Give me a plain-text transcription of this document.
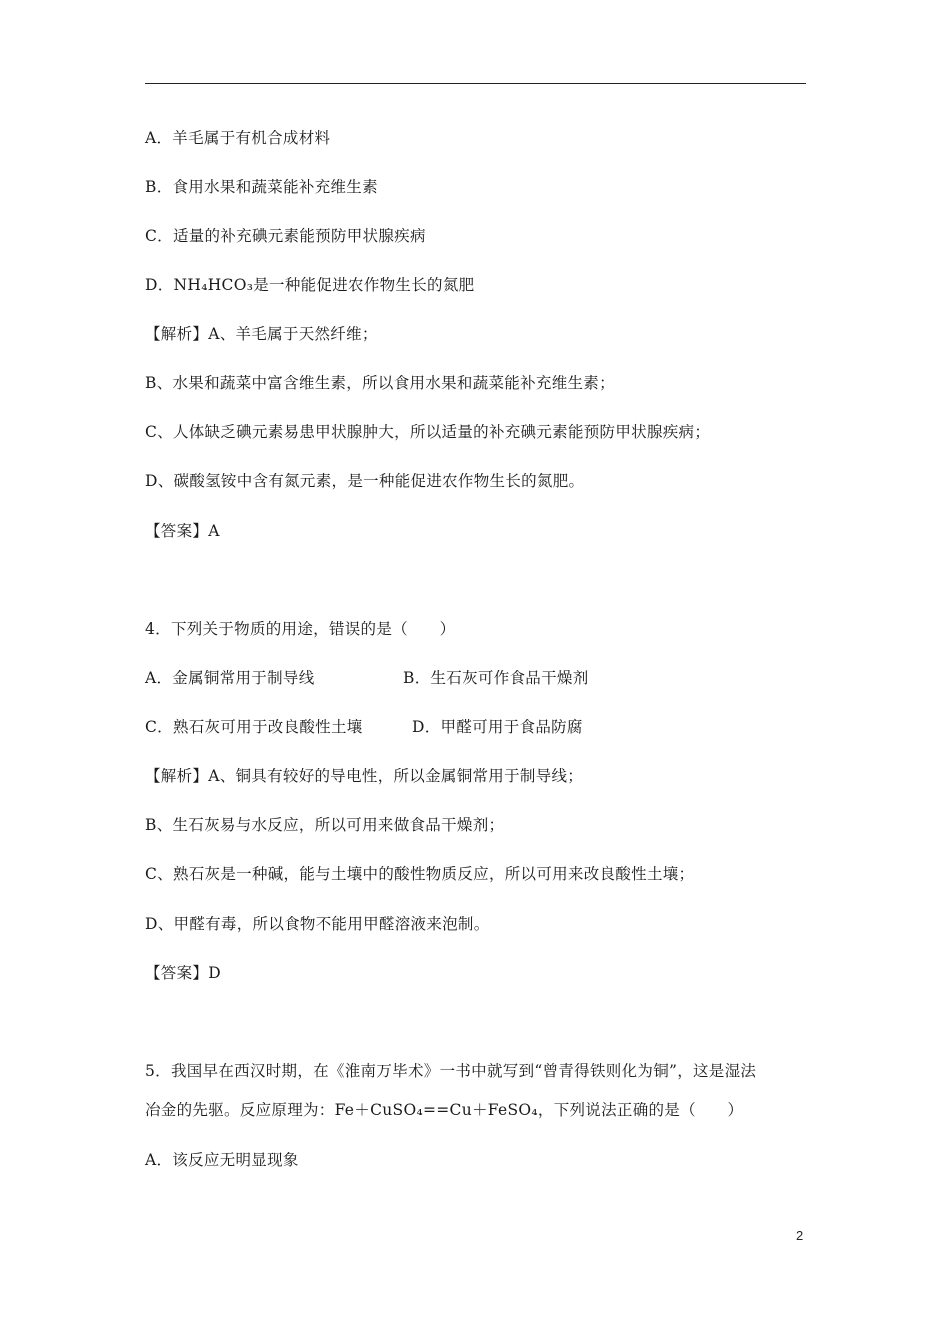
A．羊毛属于有机合成材料
B．食用水果和蔬菜能补充维生素
C．适量的补充碘元素能预防甲状腺疾病
D．NH₄HCO₃是一种能促进农作物生长的氮肥
【解析】A、羊毛属于天然纤维；
B、水果和蔬菜中富含维生素，所以食用水果和蔬菜能补充维生素；
C、人体缺乏碘元素易患甲状腺肿大，所以适量的补充碘元素能预防甲状腺疾病；
D、碳酸氢铵中含有氮元素，是一种能促进农作物生长的氮肥。
【答案】A
4．下列关于物质的用途，错误的是（　　）
A．金属铜常用于制导线	B．生石灰可作食品干燥剂
C．熟石灰可用于改良酸性土壤	D．甲醛可用于食品防腐
【解析】A、铜具有较好的导电性，所以金属铜常用于制导线；
B、生石灰易与水反应，所以可用来做食品干燥剂；
C、熟石灰是一种碱，能与土壤中的酸性物质反应，所以可用来改良酸性土壤；
D、甲醛有毒，所以食物不能用甲醛溶液来泡制。
【答案】D
5．我国早在西汉时期，在《淮南万毕术》一书中就写到“曾青得铁则化为铜”，这是湿法
冶金的先驱。反应原理为：Fe＋CuSO₄==Cu＋FeSO₄，下列说法正确的是（　　）
A．该反应无明显现象
2
